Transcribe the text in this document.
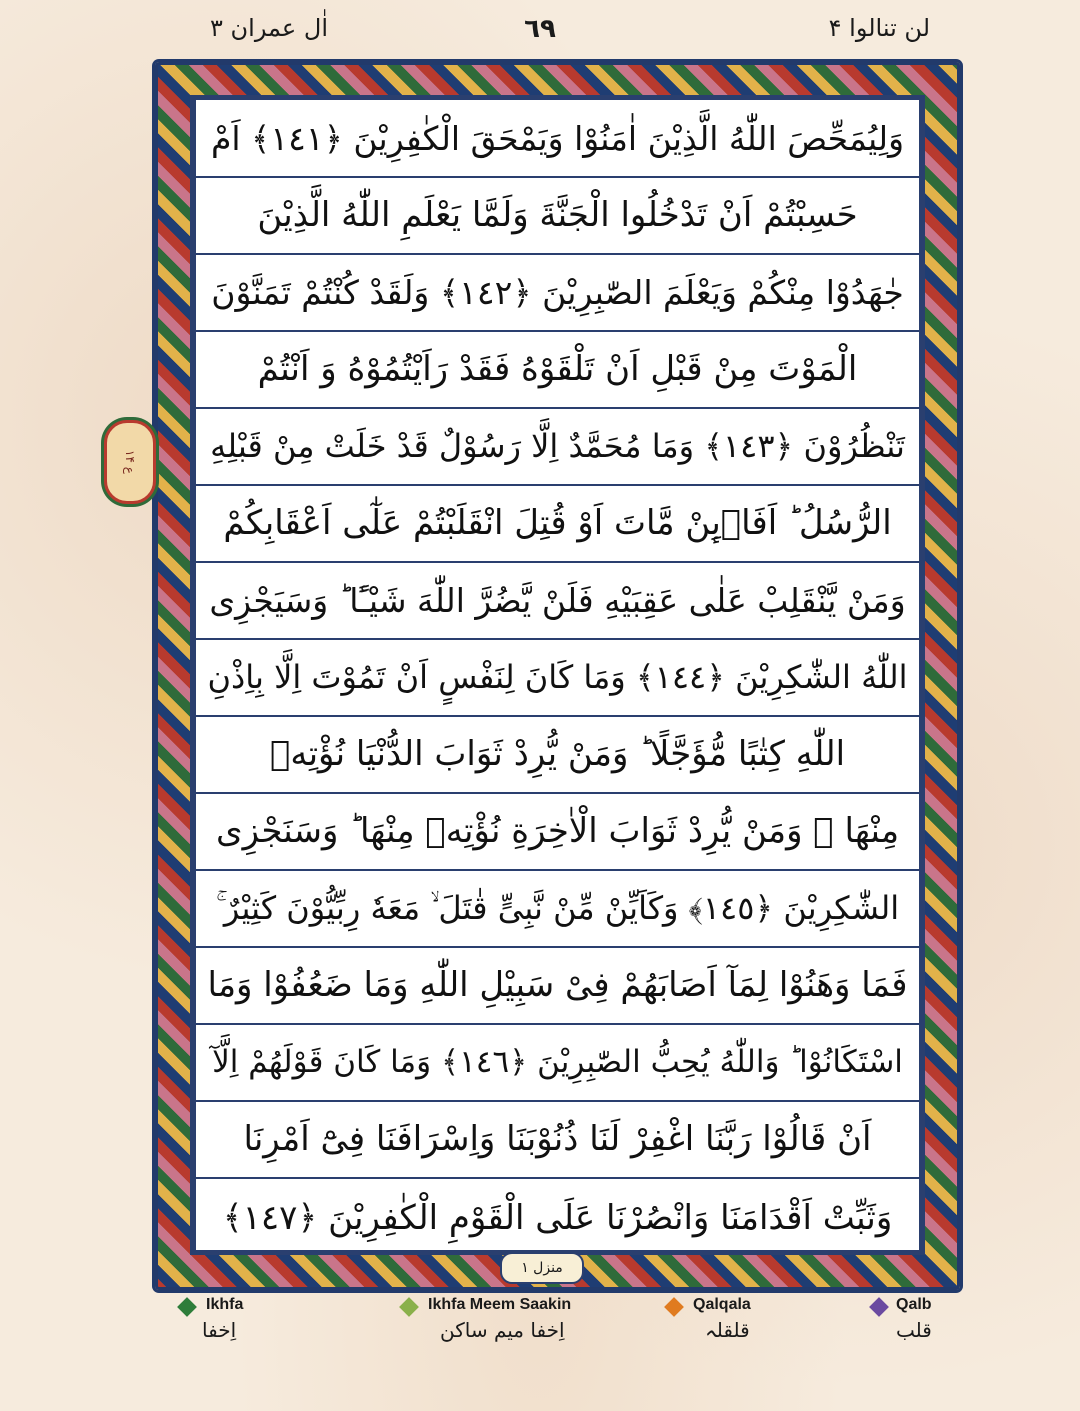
لن تنالوا ۴
٦٩
اٰل عمران ۳
وَلِيُمَحِّصَ اللّٰهُ الَّذِيْنَ اٰمَنُوْا وَيَمْحَقَ الْكٰفِرِيْنَ ﴿١٤١﴾ اَمْ
حَسِبْتُمْ اَنْ تَدْخُلُوا الْجَنَّةَ وَلَمَّا يَعْلَمِ اللّٰهُ الَّذِيْنَ
جٰهَدُوْا مِنْكُمْ وَيَعْلَمَ الصّٰبِرِيْنَ ﴿١٤٢﴾ وَلَقَدْ كُنْتُمْ تَمَنَّوْنَ
الْمَوْتَ مِنْ قَبْلِ اَنْ تَلْقَوْهُ فَقَدْ رَاَيْتُمُوْهُ وَ اَنْتُمْ
تَنْظُرُوْنَ ﴿١٤٣﴾ وَمَا مُحَمَّدٌ اِلَّا رَسُوْلٌ قَدْ خَلَتْ مِنْ قَبْلِهِ
الرُّسُلُ ؕ اَفَاۡىِٕنْ مَّاتَ اَوْ قُتِلَ انْقَلَبْتُمْ عَلٰٓى اَعْقَابِكُمْ
وَمَنْ يَّنْقَلِبْ عَلٰى عَقِبَيْهِ فَلَنْ يَّضُرَّ اللّٰهَ شَيْـًٔا ؕ وَسَيَجْزِى
اللّٰهُ الشّٰكِرِيْنَ ﴿١٤٤﴾ وَمَا كَانَ لِنَفْسٍ اَنْ تَمُوْتَ اِلَّا بِاِذْنِ
اللّٰهِ كِتٰبًا مُّؤَجَّلًا ؕ وَمَنْ يُّرِدْ ثَوَابَ الدُّنْيَا نُؤْتِهٖ
مِنْهَا ۚ وَمَنْ يُّرِدْ ثَوَابَ الْاٰخِرَةِ نُؤْتِهٖ مِنْهَا ؕ وَسَنَجْزِى
الشّٰكِرِيْنَ ﴿١٤٥﴾ وَكَاَيِّنْ مِّنْ نَّبِىٍّ قٰتَلَ ۙ مَعَهٗ رِبِّيُّوْنَ كَثِيْرٌ ۚ
فَمَا وَهَنُوْا لِمَآ اَصَابَهُمْ فِىْ سَبِيْلِ اللّٰهِ وَمَا ضَعُفُوْا وَمَا
اسْتَكَانُوْا ؕ وَاللّٰهُ يُحِبُّ الصّٰبِرِيْنَ ﴿١٤٦﴾ وَمَا كَانَ قَوْلَهُمْ اِلَّآ
اَنْ قَالُوْا رَبَّنَا اغْفِرْ لَنَا ذُنُوْبَنَا وَاِسْرَافَنَا فِىْٓ اَمْرِنَا
وَثَبِّتْ اَقْدَامَنَا وَانْصُرْنَا عَلَى الْقَوْمِ الْكٰفِرِيْنَ ﴿١٤٧﴾
ع ۱۴
منزل ۱
Ikhfa
اِخفا
Ikhfa Meem Saakin
اِخفا میم ساکن
Qalqala
قلقلہ
Qalb
قلب
